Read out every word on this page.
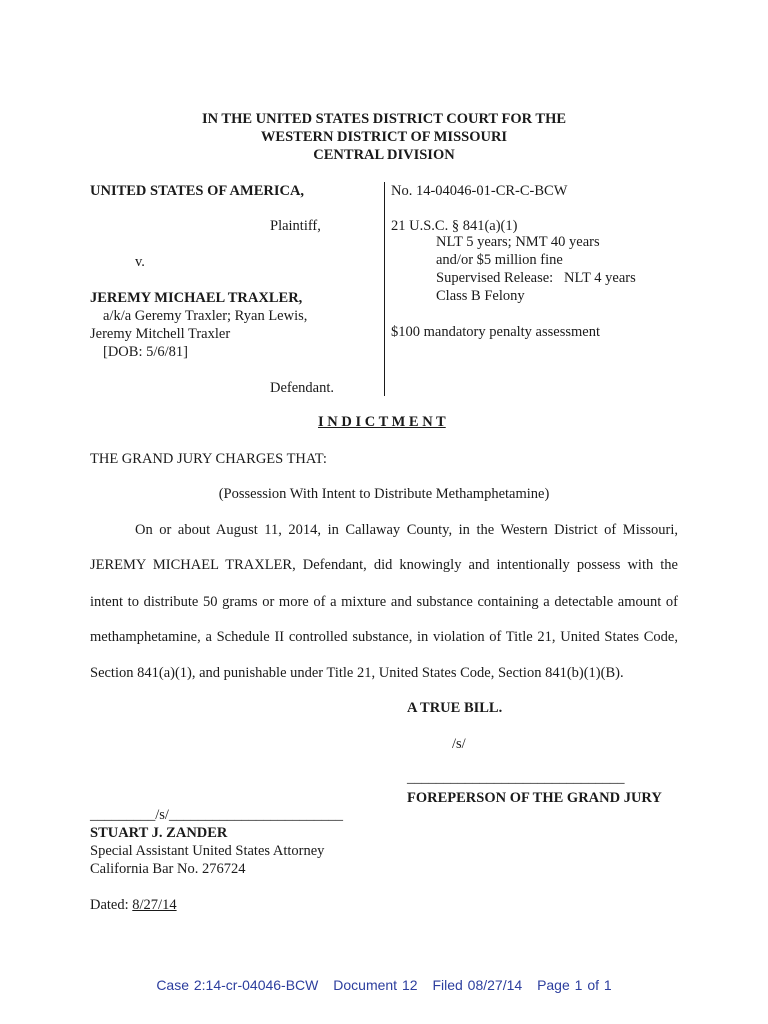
IN THE UNITED STATES DISTRICT COURT FOR THE
WESTERN DISTRICT OF MISSOURI
CENTRAL DIVISION
UNITED STATES OF AMERICA,
Plaintiff,
v.
JEREMY MICHAEL TRAXLER,
a/k/a Geremy Traxler; Ryan Lewis,
Jeremy Mitchell Traxler
[DOB: 5/6/81]
Defendant.
No. 14-04046-01-CR-C-BCW
21 U.S.C. § 841(a)(1)
NLT 5 years; NMT 40 years
and/or $5 million fine
Supervised Release:   NLT 4 years
Class B Felony
$100 mandatory penalty assessment
I N D I C T M E N T
THE GRAND JURY CHARGES THAT:
(Possession With Intent to Distribute Methamphetamine)
On or about August 11, 2014, in Callaway County, in the Western District of Missouri,
JEREMY MICHAEL TRAXLER, Defendant, did knowingly and intentionally possess with the
intent to distribute 50 grams or more of a mixture and substance containing a detectable amount of
methamphetamine, a Schedule II controlled substance, in violation of Title 21, United States Code,
Section 841(a)(1), and punishable under Title 21, United States Code, Section 841(b)(1)(B).
A TRUE BILL.
/s/
______________________________
FOREPERSON OF THE GRAND JURY
_________/s/________________________
STUART J. ZANDER
Special Assistant United States Attorney
California Bar No. 276724
Dated: 8/27/14
Case 2:14-cr-04046-BCW Document 12 Filed 08/27/14 Page 1 of 1
